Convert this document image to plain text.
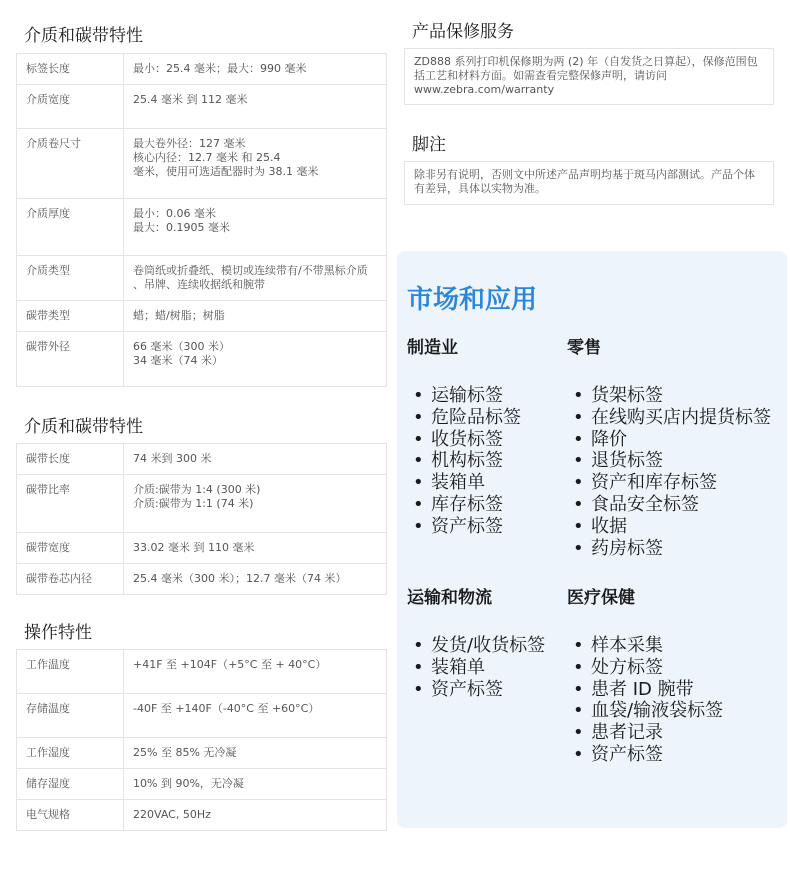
介质和碳带特性
标签长度	最小：25.4 毫米；最大：990 毫米
介质宽度	25.4 毫米 到 112 毫米
介质卷尺寸	最大卷外径：127 毫米
核心内径：12.7 毫米 和 25.4
毫米，使用可选适配器时为 38.1 毫米
介质厚度	最小：0.06 毫米
最大：0.1905 毫米
介质类型	卷筒纸或折叠纸、模切或连续带有/不带黑标介质
、吊牌、连续收据纸和腕带
碳带类型	蜡；蜡/树脂；树脂
碳带外径	66 毫米（300 米）
34 毫米（74 米）
介质和碳带特性
碳带长度	74 米到 300 米
碳带比率	介质:碳带为 1:4 (300 米)
介质:碳带为 1:1 (74 米)
碳带宽度	33.02 毫米 到 110 毫米
碳带卷芯内径	25.4 毫米（300 米）；12.7 毫米（74 米）
操作特性
工作温度	+41F 至 +104F（+5°C 至 + 40°C）
存储温度	-40F 至 +140F（-40°C 至 +60°C）
工作湿度	25% 至 85% 无冷凝
储存湿度	10% 到 90%，无冷凝
电气规格	220VAC, 50Hz
产品保修服务
ZD888 系列打印机保修期为两 (2) 年（自发货之日算起），保修范围包括工艺和材料方面。如需查看完整保修声明，请访问
www.zebra.com/warranty
脚注
除非另有说明，否则文中所述产品声明均基于斑马内部测试。产品个体有差异，具体以实物为准。
市场和应用
制造业
• 运输标签
• 危险品标签
• 收货标签
• 机构标签
• 装箱单
• 库存标签
• 资产标签
零售
• 货架标签
• 在线购买店内提货标签
• 降价
• 退货标签
• 资产和库存标签
• 食品安全标签
• 收据
• 药房标签
运输和物流
• 发货/收货标签
• 装箱单
• 资产标签
医疗保健
• 样本采集
• 处方标签
• 患者 ID 腕带
• 血袋/输液袋标签
• 患者记录
• 资产标签
